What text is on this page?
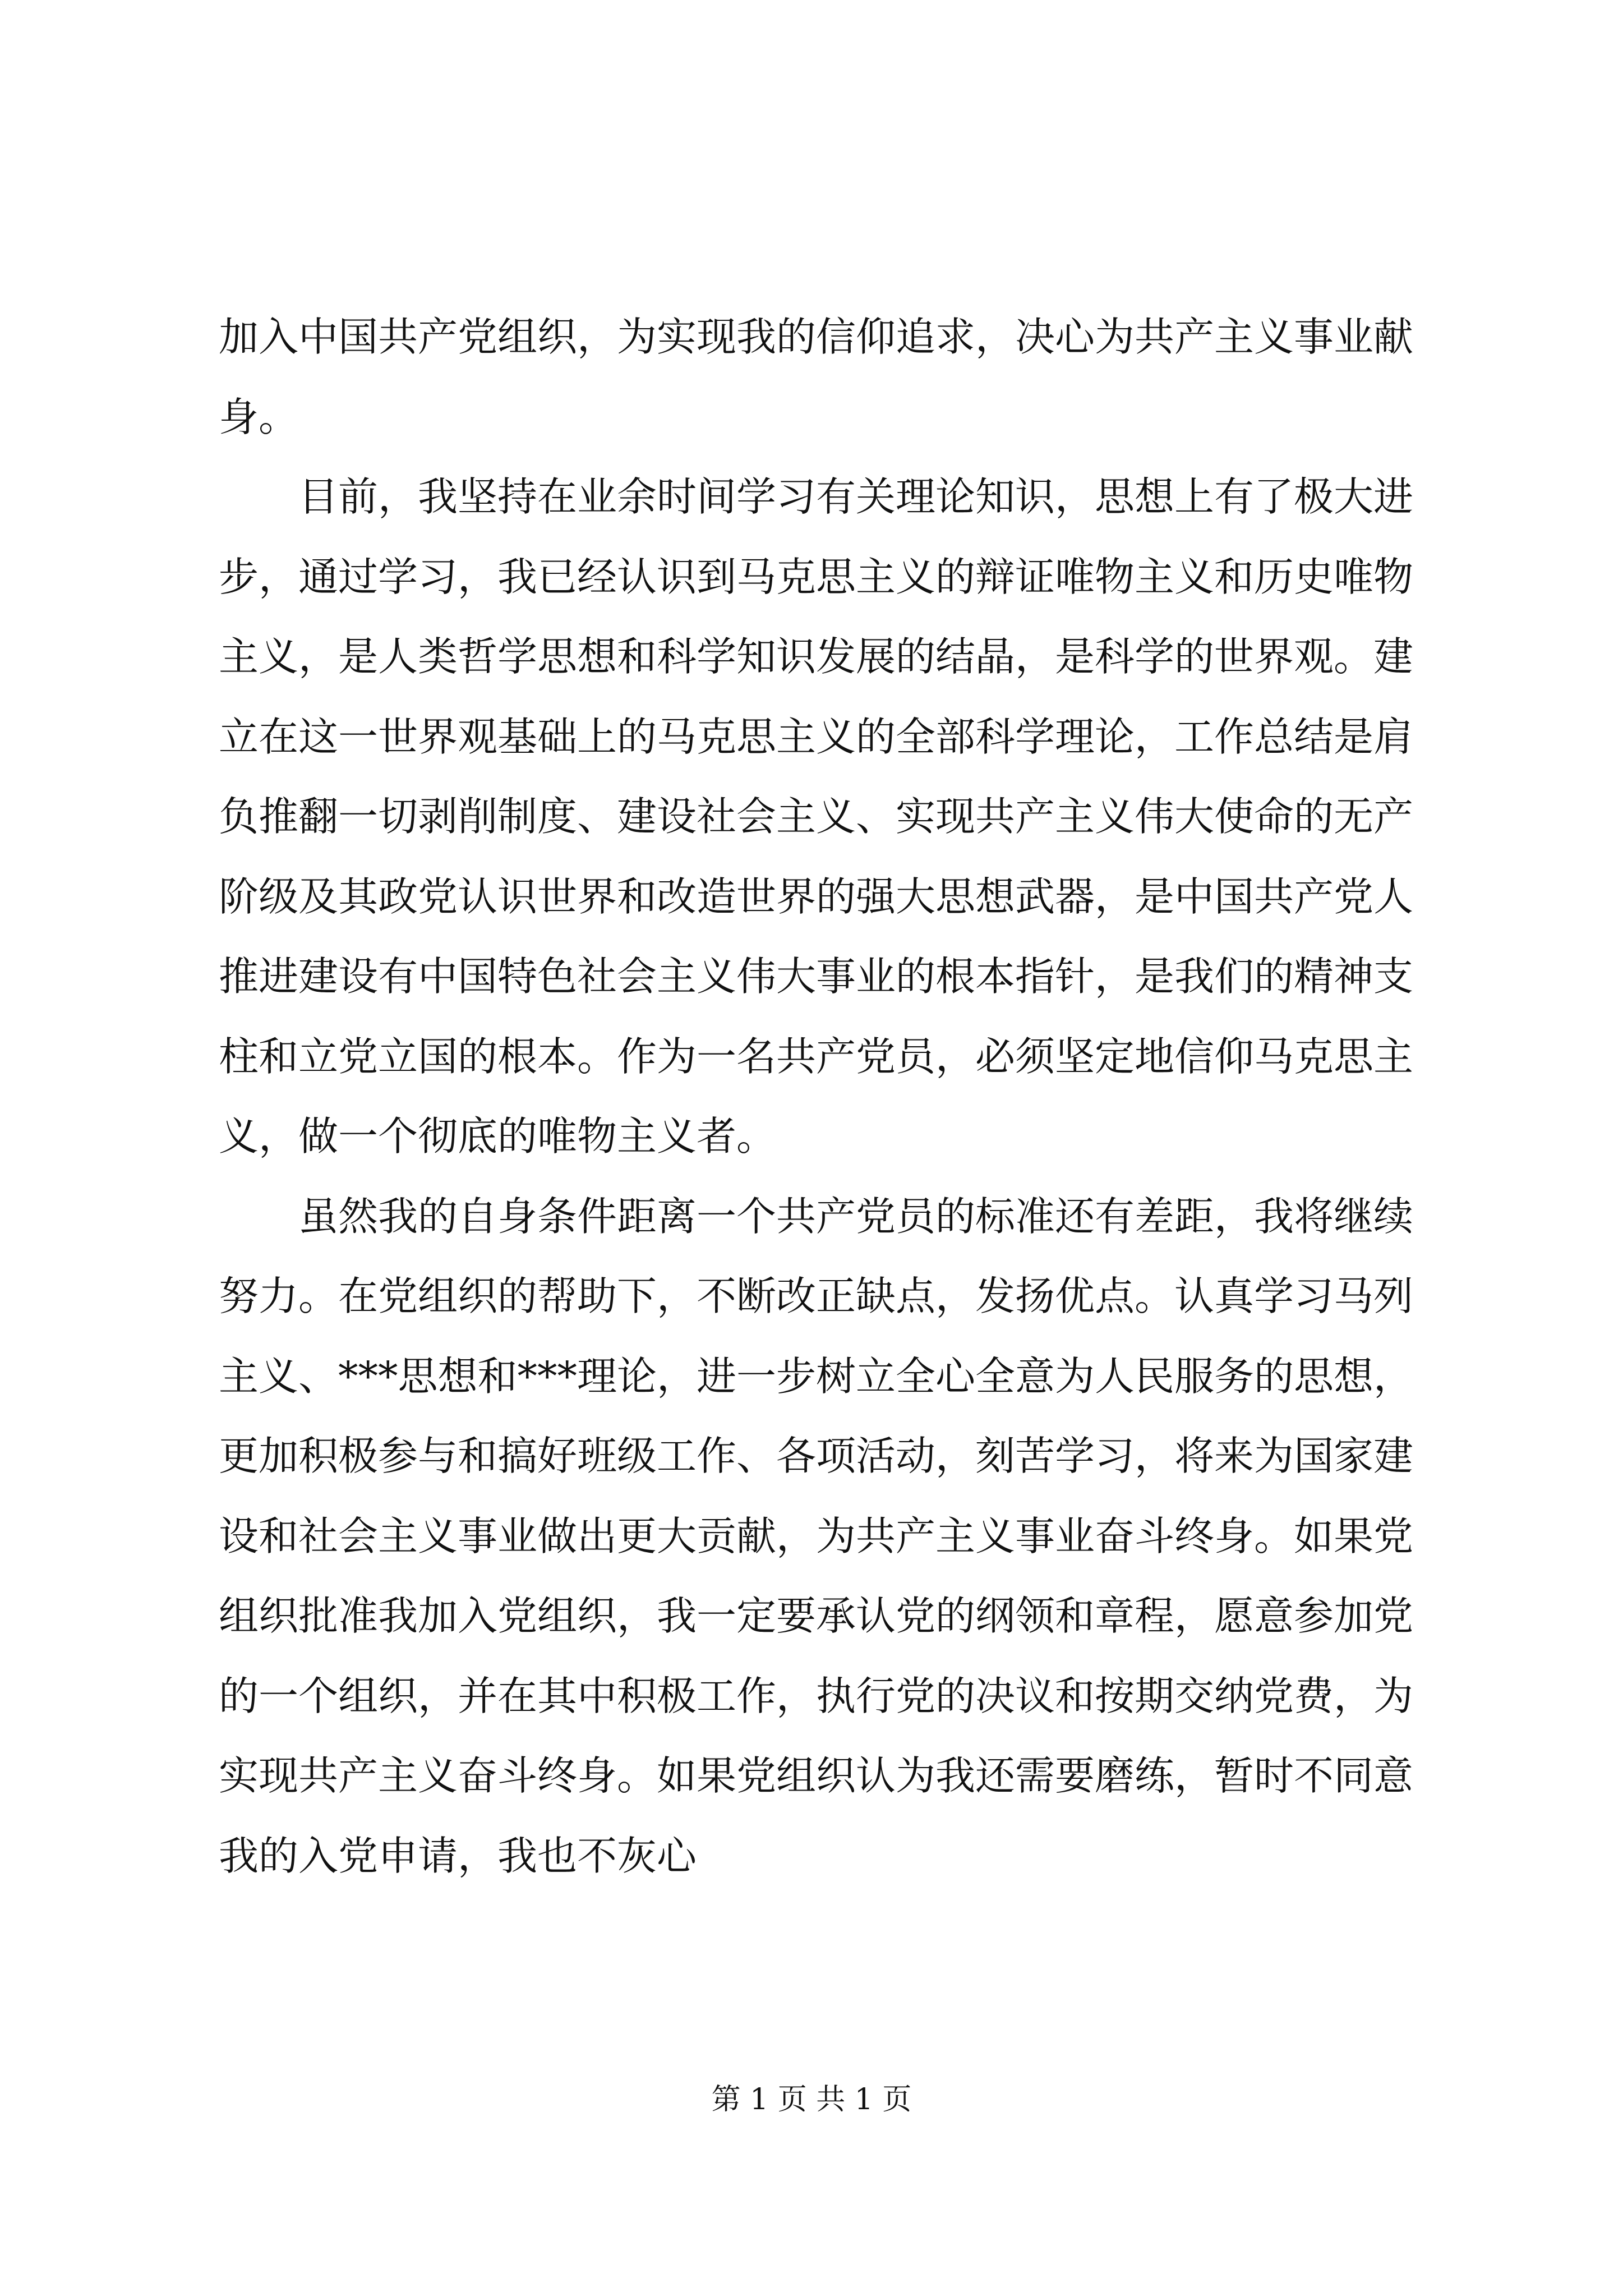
加入中国共产党组织，为实现我的信仰追求，决心为共产主义事业献身。

目前，我坚持在业余时间学习有关理论知识，思想上有了极大进步，通过学习，我已经认识到马克思主义的辩证唯物主义和历史唯物主义，是人类哲学思想和科学知识发展的结晶，是科学的世界观。建立在这一世界观基础上的马克思主义的全部科学理论，工作总结是肩负推翻一切剥削制度、建设社会主义、实现共产主义伟大使命的无产阶级及其政党认识世界和改造世界的强大思想武器，是中国共产党人推进建设有中国特色社会主义伟大事业的根本指针，是我们的精神支柱和立党立国的根本。作为一名共产党员，必须坚定地信仰马克思主义，做一个彻底的唯物主义者。

虽然我的自身条件距离一个共产党员的标准还有差距，我将继续努力。在党组织的帮助下，不断改正缺点，发扬优点。认真学习马列主义、***思想和***理论，进一步树立全心全意为人民服务的思想，更加积极参与和搞好班级工作、各项活动，刻苦学习，将来为国家建设和社会主义事业做出更大贡献，为共产主义事业奋斗终身。如果党组织批准我加入党组织，我一定要承认党的纲领和章程，愿意参加党的一个组织，并在其中积极工作，执行党的决议和按期交纳党费，为实现共产主义奋斗终身。如果党组织认为我还需要磨练，暂时不同意我的入党申请，我也不灰心

第 1 页 共 1 页
